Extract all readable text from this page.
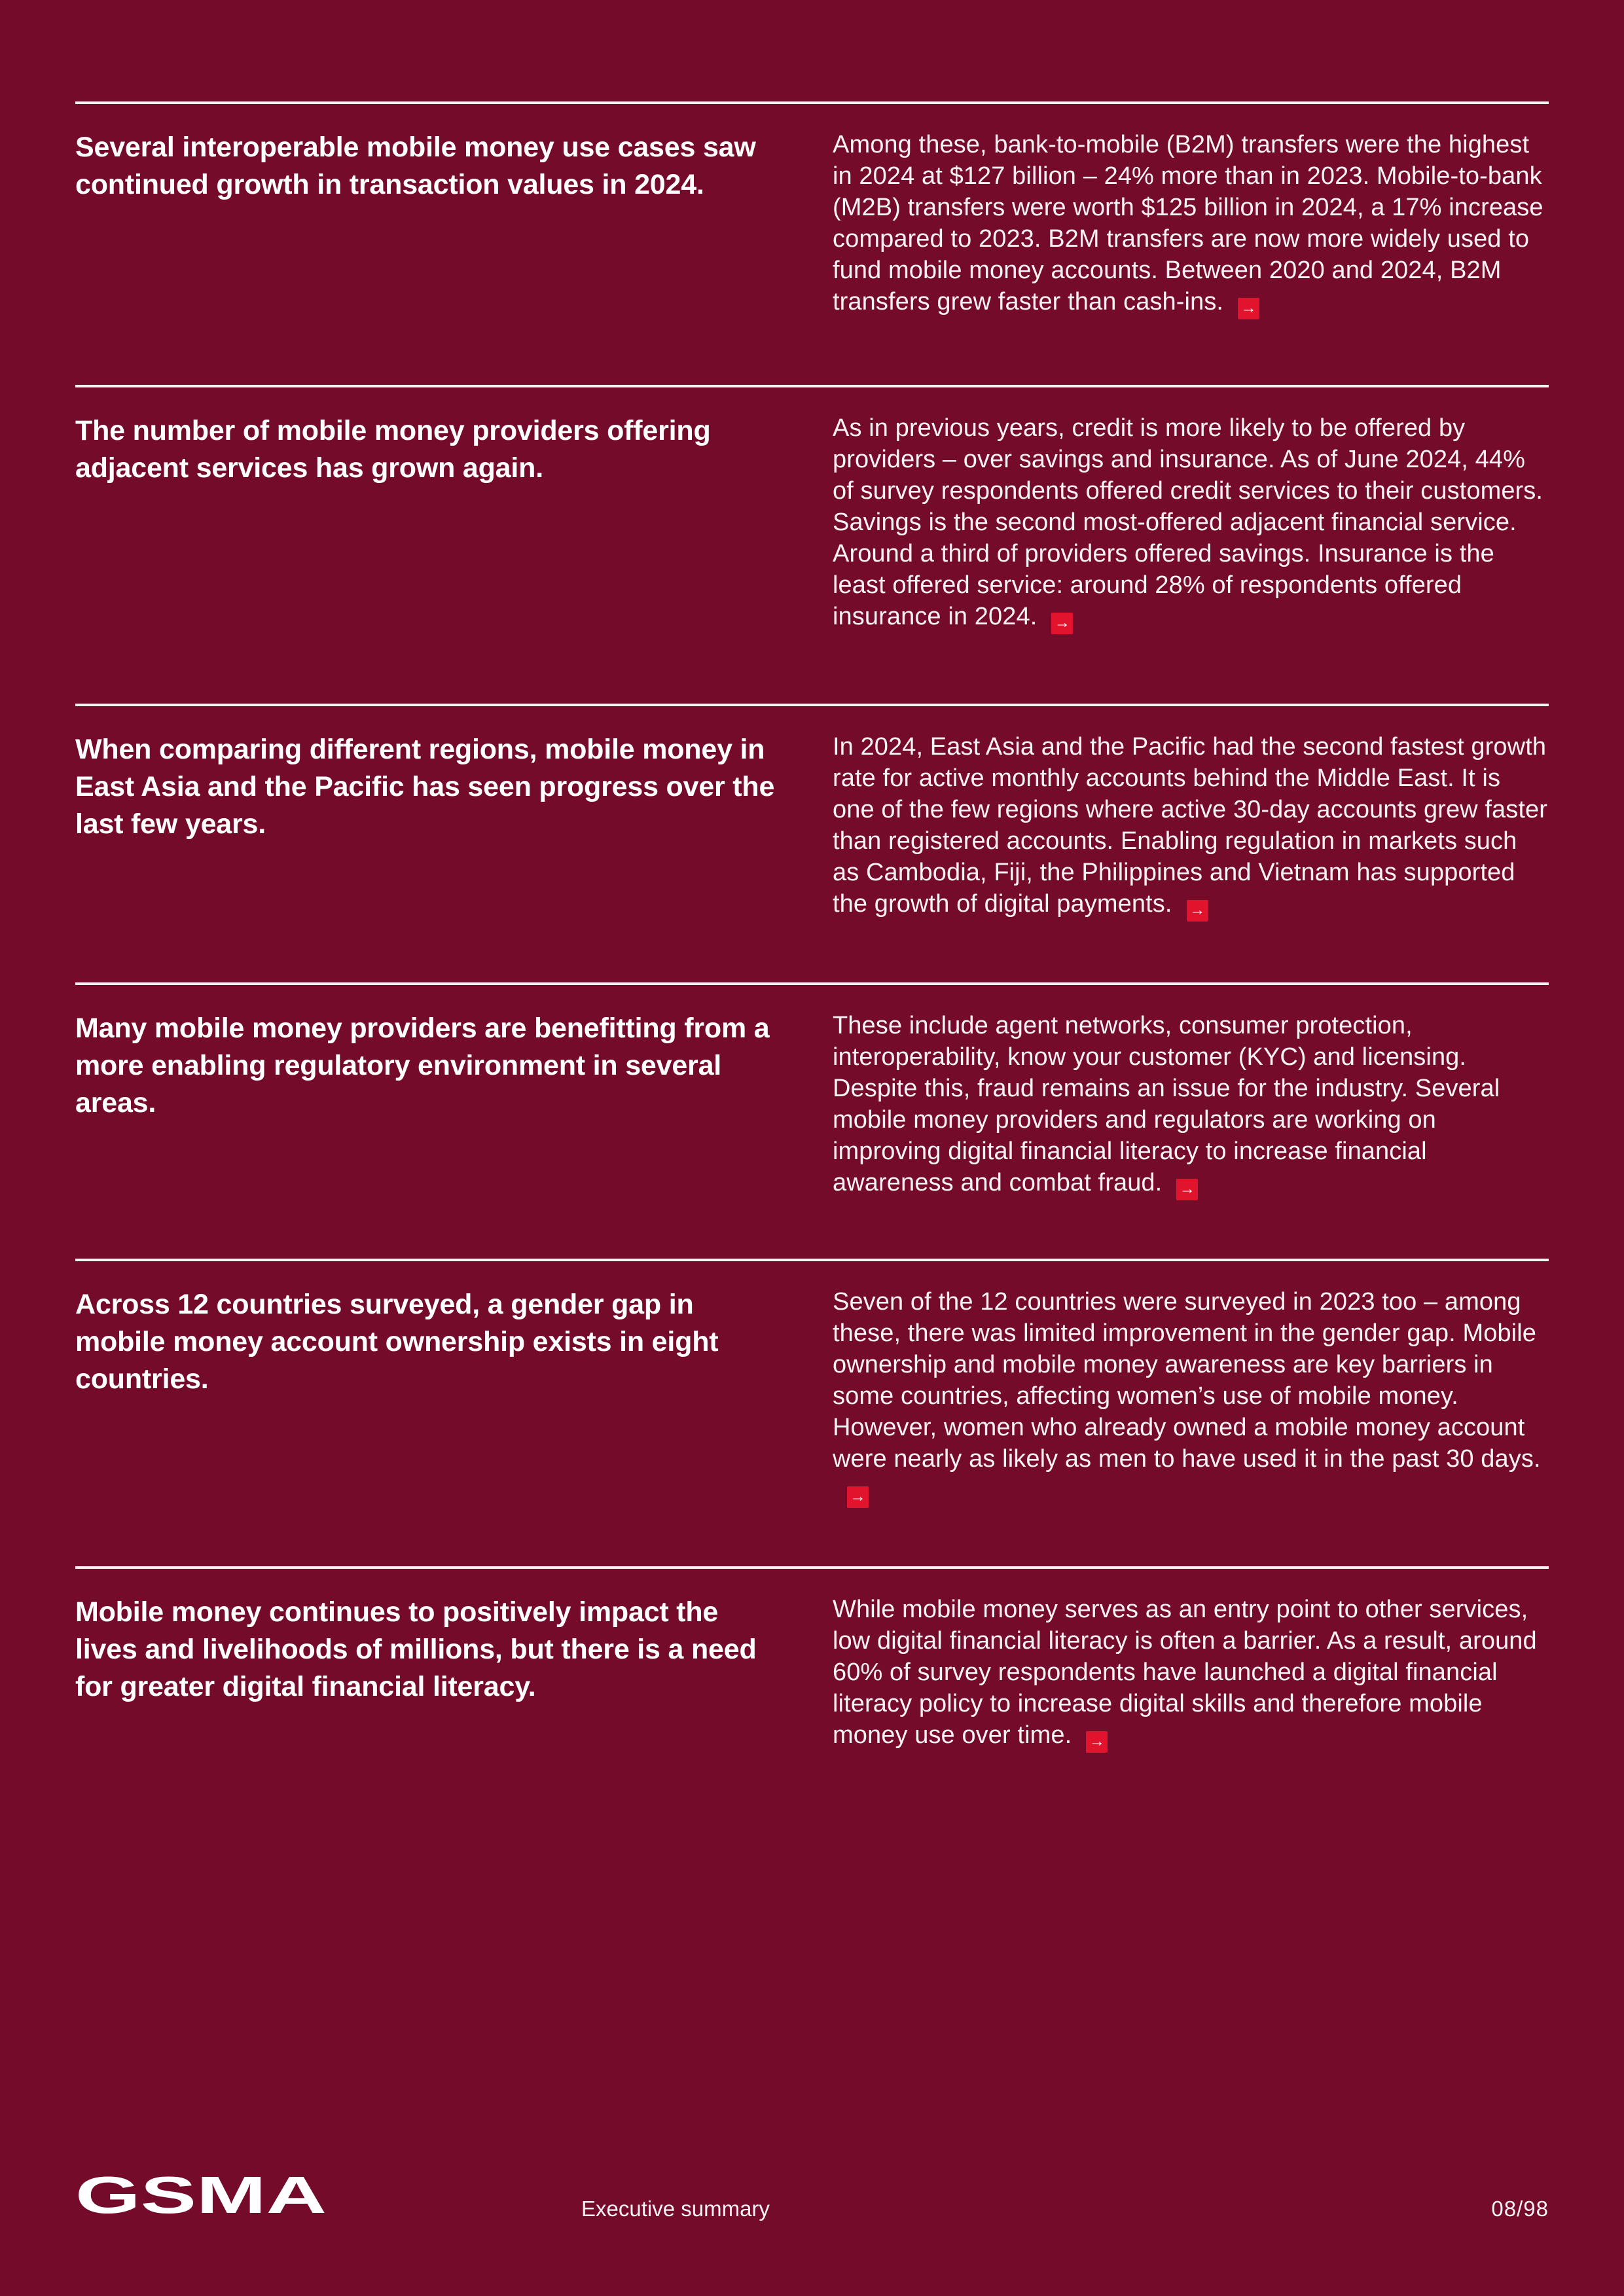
Several interoperable mobile money use cases saw continued growth in transaction values in 2024.

Among these, bank-to-mobile (B2M) transfers were the highest in 2024 at $127 billion – 24% more than in 2023. Mobile-to-bank (M2B) transfers were worth $125 billion in 2024, a 17% increase compared to 2023. B2M transfers are now more widely used to fund mobile money accounts. Between 2020 and 2024, B2M transfers grew faster than cash-ins. →

The number of mobile money providers offering adjacent services has grown again.

As in previous years, credit is more likely to be offered by providers – over savings and insurance. As of June 2024, 44% of survey respondents offered credit services to their customers. Savings is the second most-offered adjacent financial service. Around a third of providers offered savings. Insurance is the least offered service: around 28% of respondents offered insurance in 2024. →

When comparing different regions, mobile money in East Asia and the Pacific has seen progress over the last few years.

In 2024, East Asia and the Pacific had the second fastest growth rate for active monthly accounts behind the Middle East. It is one of the few regions where active 30-day accounts grew faster than registered accounts. Enabling regulation in markets such as Cambodia, Fiji, the Philippines and Vietnam has supported the growth of digital payments. →

Many mobile money providers are benefitting from a more enabling regulatory environment in several areas.

These include agent networks, consumer protection, interoperability, know your customer (KYC) and licensing. Despite this, fraud remains an issue for the industry. Several mobile money providers and regulators are working on improving digital financial literacy to increase financial awareness and combat fraud. →

Across 12 countries surveyed, a gender gap in mobile money account ownership exists in eight countries.

Seven of the 12 countries were surveyed in 2023 too – among these, there was limited improvement in the gender gap. Mobile ownership and mobile money awareness are key barriers in some countries, affecting women’s use of mobile money. However, women who already owned a mobile money account were nearly as likely as men to have used it in the past 30 days.
→

Mobile money continues to positively impact the lives and livelihoods of millions, but there is a need for greater digital financial literacy.

While mobile money serves as an entry point to other services, low digital financial literacy is often a barrier. As a result, around 60% of survey respondents have launched a digital financial literacy policy to increase digital skills and therefore mobile money use over time. →

GSMA	Executive summary	08/98
